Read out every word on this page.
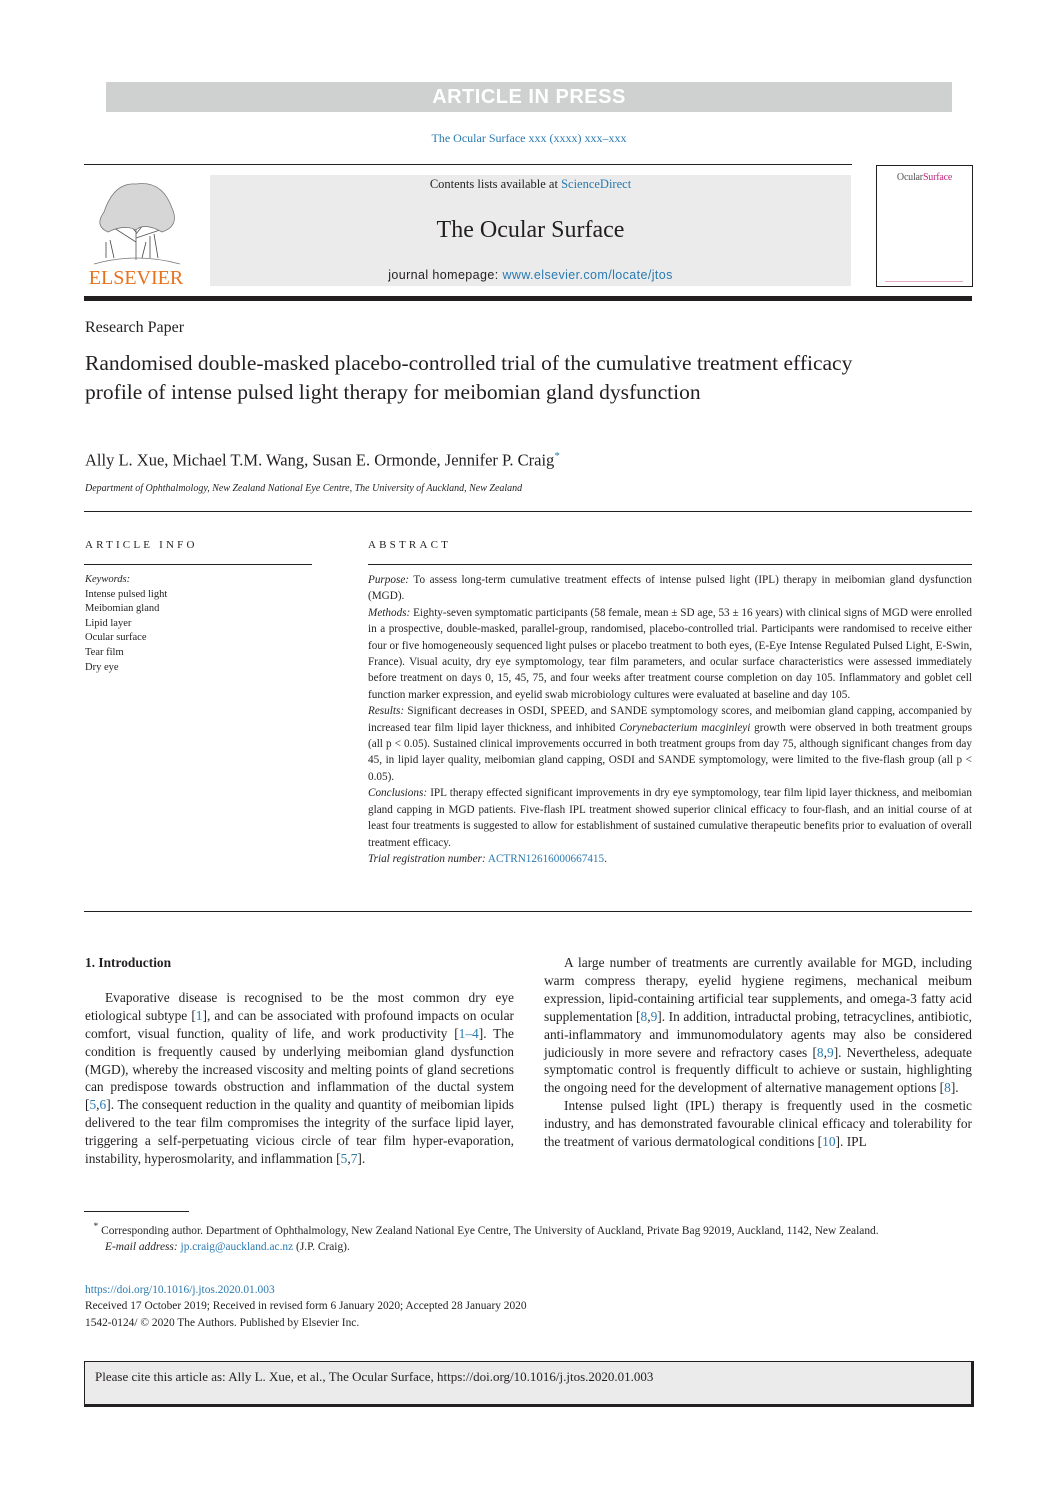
ARTICLE IN PRESS
The Ocular Surface xxx (xxxx) xxx–xxx
ELSEVIER
Contents lists available at ScienceDirect
The Ocular Surface
journal homepage: www.elsevier.com/locate/jtos
OcularSurface
Research Paper
Randomised double-masked placebo-controlled trial of the cumulative treatment efficacy profile of intense pulsed light therapy for meibomian gland dysfunction
Ally L. Xue, Michael T.M. Wang, Susan E. Ormonde, Jennifer P. Craig*
Department of Ophthalmology, New Zealand National Eye Centre, The University of Auckland, New Zealand
ARTICLE INFO
Keywords:
Intense pulsed light
Meibomian gland
Lipid layer
Ocular surface
Tear film
Dry eye
ABSTRACT

Purpose: To assess long-term cumulative treatment effects of intense pulsed light (IPL) therapy in meibomian gland dysfunction (MGD).

Methods: Eighty-seven symptomatic participants (58 female, mean ± SD age, 53 ± 16 years) with clinical signs of MGD were enrolled in a prospective, double-masked, parallel-group, randomised, placebo-controlled trial. Participants were randomised to receive either four or five homogeneously sequenced light pulses or placebo treatment to both eyes, (E-Eye Intense Regulated Pulsed Light, E-Swin, France). Visual acuity, dry eye symptomology, tear film parameters, and ocular surface characteristics were assessed immediately before treatment on days 0, 15, 45, 75, and four weeks after treatment course completion on day 105. Inflammatory and goblet cell function marker expression, and eyelid swab microbiology cultures were evaluated at baseline and day 105.

Results: Significant decreases in OSDI, SPEED, and SANDE symptomology scores, and meibomian gland capping, accompanied by increased tear film lipid layer thickness, and inhibited Corynebacterium macginleyi growth were observed in both treatment groups (all p < 0.05). Sustained clinical improvements occurred in both treatment groups from day 75, although significant changes from day 45, in lipid layer quality, meibomian gland capping, OSDI and SANDE symptomology, were limited to the five-flash group (all p < 0.05).

Conclusions: IPL therapy effected significant improvements in dry eye symptomology, tear film lipid layer thickness, and meibomian gland capping in MGD patients. Five-flash IPL treatment showed superior clinical efficacy to four-flash, and an initial course of at least four treatments is suggested to allow for establishment of sustained cumulative therapeutic benefits prior to evaluation of overall treatment efficacy.

Trial registration number: ACTRN12616000667415.

1. Introduction

Evaporative disease is recognised to be the most common dry eye etiological subtype [1], and can be associated with profound impacts on ocular comfort, visual function, quality of life, and work productivity [1–4]. The condition is frequently caused by underlying meibomian gland dysfunction (MGD), whereby the increased viscosity and melting points of gland secretions can predispose towards obstruction and inflammation of the ductal system [5,6]. The consequent reduction in the quality and quantity of meibomian lipids delivered to the tear film compromises the integrity of the surface lipid layer, triggering a self-perpetuating vicious circle of tear film hyper-evaporation, instability, hyperosmolarity, and inflammation [5,7].

A large number of treatments are currently available for MGD, including warm compress therapy, eyelid hygiene regimens, mechanical meibum expression, lipid-containing artificial tear supplements, and omega-3 fatty acid supplementation [8,9]. In addition, intraductal probing, tetracyclines, antibiotic, anti-inflammatory and immunomodulatory agents may also be considered judiciously in more severe and refractory cases [8,9]. Nevertheless, adequate symptomatic control is frequently difficult to achieve or sustain, highlighting the ongoing need for the development of alternative management options [8].

Intense pulsed light (IPL) therapy is frequently used in the cosmetic industry, and has demonstrated favourable clinical efficacy and tolerability for the treatment of various dermatological conditions [10]. IPL

* Corresponding author. Department of Ophthalmology, New Zealand National Eye Centre, The University of Auckland, Private Bag 92019, Auckland, 1142, New Zealand.

E-mail address: jp.craig@auckland.ac.nz (J.P. Craig).

https://doi.org/10.1016/j.jtos.2020.01.003

Received 17 October 2019; Received in revised form 6 January 2020; Accepted 28 January 2020

1542-0124/ © 2020 The Authors. Published by Elsevier Inc.

Please cite this article as: Ally L. Xue, et al., The Ocular Surface, https://doi.org/10.1016/j.jtos.2020.01.003
